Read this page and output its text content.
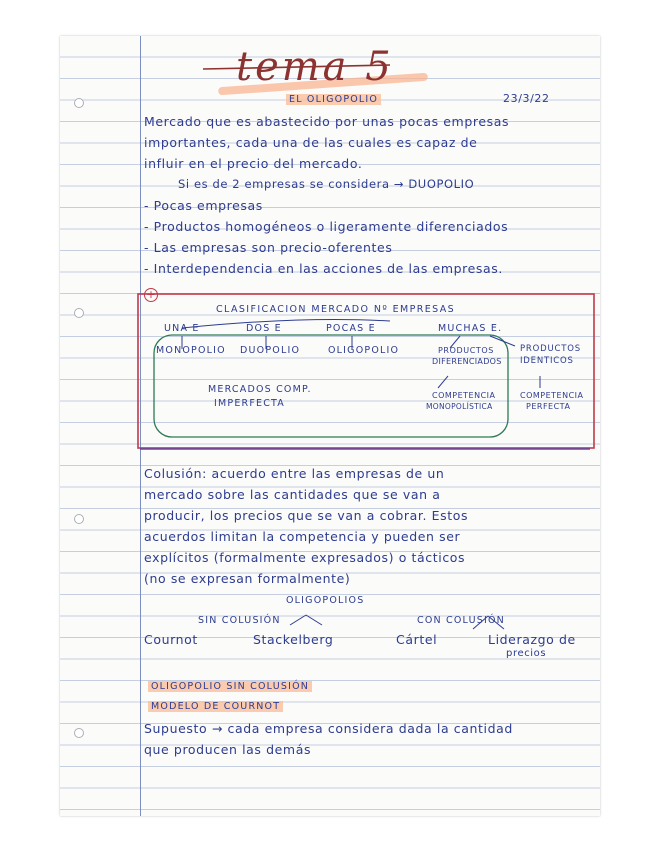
tema 5
EL OLIGOPOLIO	23/3/22
Mercado que es abastecido por unas pocas empresas
importantes, cada una de las cuales es capaz de
influir en el precio del mercado.
Si es de 2 empresas se considera → DUOPOLIO
- Pocas empresas
- Productos homogéneos o ligeramente diferenciados
- Las empresas son precio-oferentes
- Interdependencia en las acciones de las empresas.
+
CLASIFICACION MERCADO Nº EMPRESAS
UNA E	DOS E	POCAS E	MUCHAS E.
MONOPOLIO DUOPOLIO	OLIGOPOLIO	PRODUCTOS
DIFERENCIADOS
PRODUCTOS
IDENTICOS
MERCADOS COMP.
IMPERFECTA
COMPETENCIA
MONOPOLÍSTICA
COMPETENCIA
PERFECTA
Colusión: acuerdo entre las empresas de un
mercado sobre las cantidades que se van a
producir, los precios que se van a cobrar. Estos
acuerdos limitan la competencia y pueden ser
explícitos (formalmente expresados) o tácticos
(no se expresan formalmente)
OLIGOPOLIOS
SIN COLUSIÓN	CON COLUSIÓN
Cournot	Stackelberg	Cártel	Liderazgo de
precios
OLIGOPOLIO SIN COLUSIÓN
MODELO DE COURNOT
Supuesto → cada empresa considera dada la cantidad
que producen las demás
